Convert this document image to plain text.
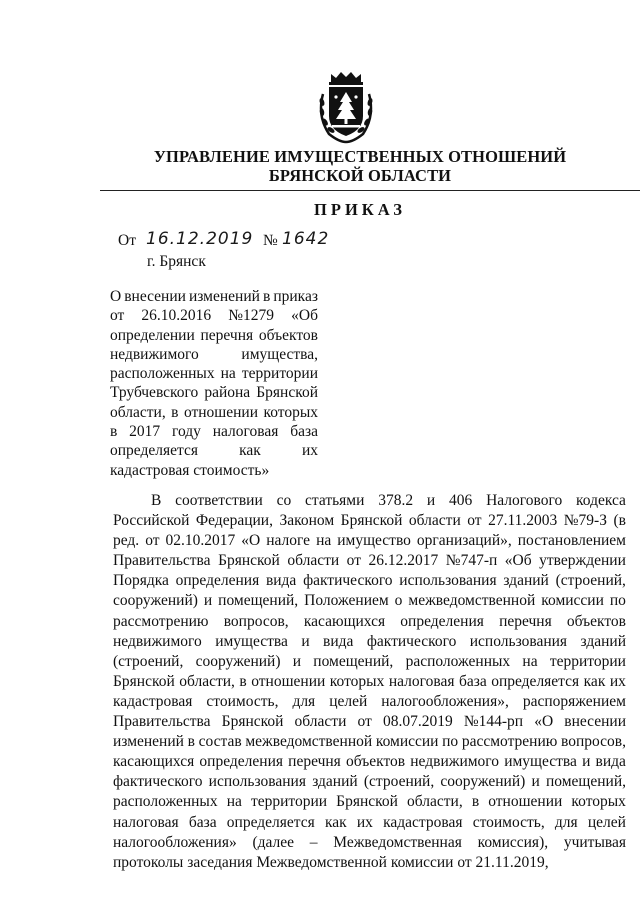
УПРАВЛЕНИЕ ИМУЩЕСТВЕННЫХ ОТНОШЕНИЙ
БРЯНСКОЙ ОБЛАСТИ
ПРИКАЗ
От 16.12.2019 № 1642
г. Брянск
О внесении изменений в приказ
от 26.10.2016 №1279 «Об
определении перечня объектов
недвижимого	имущества,
расположенных на территории
Трубчевского района Брянской
области, в отношении которых
в 2017 году налоговая база
определяется	как	их
кадастровая стоимость»
В соответствии со статьями 378.2 и 406 Налогового кодекса
Российской Федерации, Законом Брянской области от 27.11.2003 №79-З (в
ред. от 02.10.2017 «О налоге на имущество организаций», постановлением
Правительства Брянской области от 26.12.2017 №747-п «Об утверждении
Порядка определения вида фактического использования зданий (строений,
сооружений) и помещений, Положением о межведомственной комиссии по
рассмотрению вопросов, касающихся определения перечня объектов
недвижимого имущества и вида фактического использования зданий
(строений, сооружений) и помещений, расположенных на территории
Брянской области, в отношении которых налоговая база определяется как их
кадастровая стоимость, для целей налогообложения», распоряжением
Правительства Брянской области от 08.07.2019 №144-рп «О внесении
изменений в состав межведомственной комиссии по рассмотрению вопросов,
касающихся определения перечня объектов недвижимого имущества и вида
фактического использования зданий (строений, сооружений) и помещений,
расположенных на территории Брянской области, в отношении которых
налоговая база определяется как их кадастровая стоимость, для целей
налогообложения» (далее – Межведомственная комиссия), учитывая
протоколы заседания Межведомственной комиссии от 21.11.2019,
